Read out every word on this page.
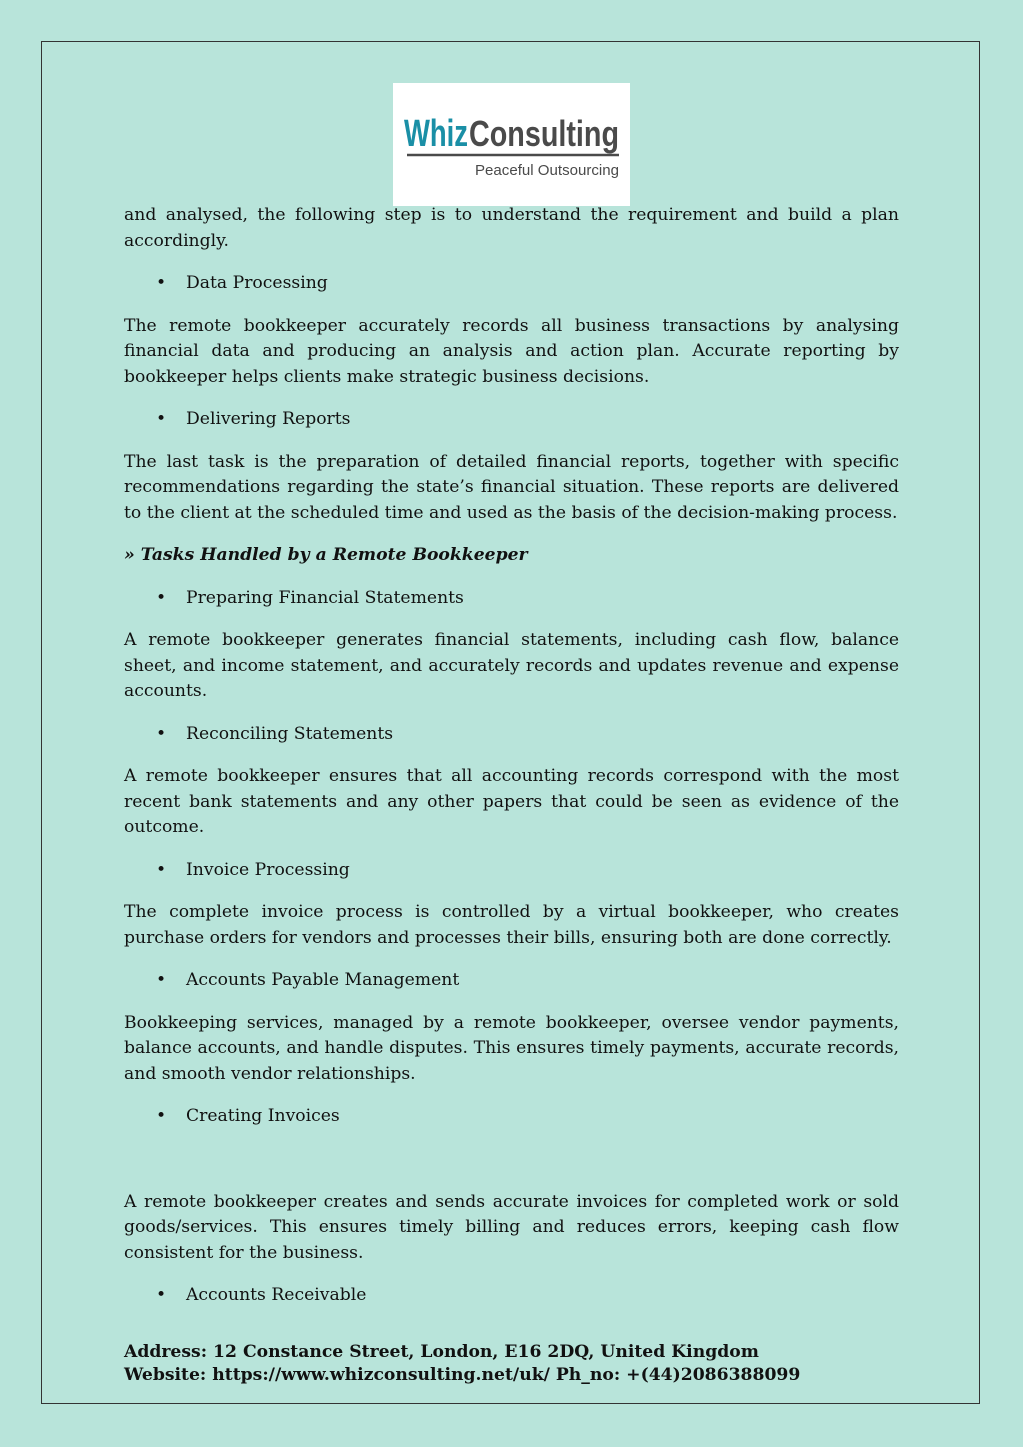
Whiz Consulting
Peaceful Outsourcing

and analysed, the following step is to understand the requirement and build a plan accordingly.

• Data Processing

The remote bookkeeper accurately records all business transactions by analysing financial data and producing an analysis and action plan. Accurate reporting by bookkeeper helps clients make strategic business decisions.

• Delivering Reports

The last task is the preparation of detailed financial reports, together with specific recommendations regarding the state’s financial situation. These reports are delivered to the client at the scheduled time and used as the basis of the decision-making process.

» Tasks Handled by a Remote Bookkeeper

• Preparing Financial Statements

A remote bookkeeper generates financial statements, including cash flow, balance sheet, and income statement, and accurately records and updates revenue and expense accounts.

• Reconciling Statements

A remote bookkeeper ensures that all accounting records correspond with the most recent bank statements and any other papers that could be seen as evidence of the outcome.

• Invoice Processing

The complete invoice process is controlled by a virtual bookkeeper, who creates purchase orders for vendors and processes their bills, ensuring both are done correctly.

• Accounts Payable Management

Bookkeeping services, managed by a remote bookkeeper, oversee vendor payments, balance accounts, and handle disputes. This ensures timely payments, accurate records, and smooth vendor relationships.

• Creating Invoices

A remote bookkeeper creates and sends accurate invoices for completed work or sold goods/services. This ensures timely billing and reduces errors, keeping cash flow consistent for the business.

• Accounts Receivable
Address: 12 Constance Street, London, E16 2DQ, United Kingdom
Website: https://www.whizconsulting.net/uk/ Ph_no: +(44)2086388099
